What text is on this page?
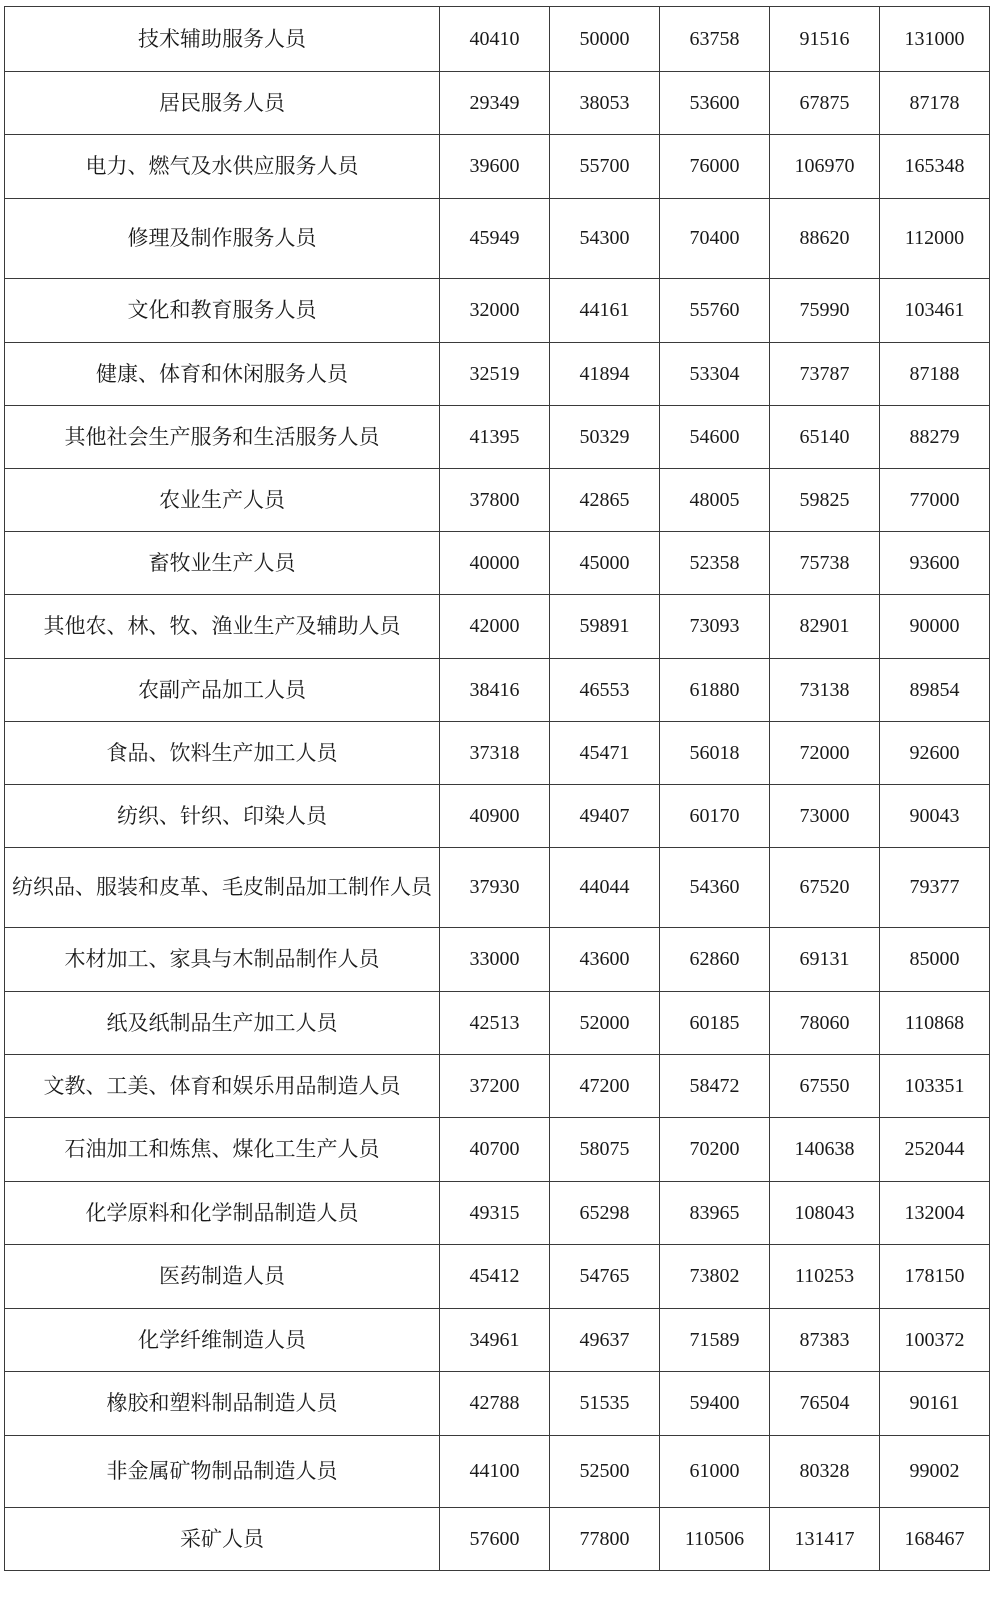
技术辅助服务人员	40410	50000	63758	91516	131000
居民服务人员	29349	38053	53600	67875	87178
电力、燃气及水供应服务人员	39600	55700	76000	106970	165348
修理及制作服务人员	45949	54300	70400	88620	112000
文化和教育服务人员	32000	44161	55760	75990	103461
健康、体育和休闲服务人员	32519	41894	53304	73787	87188
其他社会生产服务和生活服务人员	41395	50329	54600	65140	88279
农业生产人员	37800	42865	48005	59825	77000
畜牧业生产人员	40000	45000	52358	75738	93600
其他农、林、牧、渔业生产及辅助人员	42000	59891	73093	82901	90000
农副产品加工人员	38416	46553	61880	73138	89854
食品、饮料生产加工人员	37318	45471	56018	72000	92600
纺织、针织、印染人员	40900	49407	60170	73000	90043
纺织品、服装和皮革、毛皮制品加工制作人员	37930	44044	54360	67520	79377
木材加工、家具与木制品制作人员	33000	43600	62860	69131	85000
纸及纸制品生产加工人员	42513	52000	60185	78060	110868
文教、工美、体育和娱乐用品制造人员	37200	47200	58472	67550	103351
石油加工和炼焦、煤化工生产人员	40700	58075	70200	140638	252044
化学原料和化学制品制造人员	49315	65298	83965	108043	132004
医药制造人员	45412	54765	73802	110253	178150
化学纤维制造人员	34961	49637	71589	87383	100372
橡胶和塑料制品制造人员	42788	51535	59400	76504	90161
非金属矿物制品制造人员	44100	52500	61000	80328	99002
采矿人员	57600	77800	110506	131417	168467
